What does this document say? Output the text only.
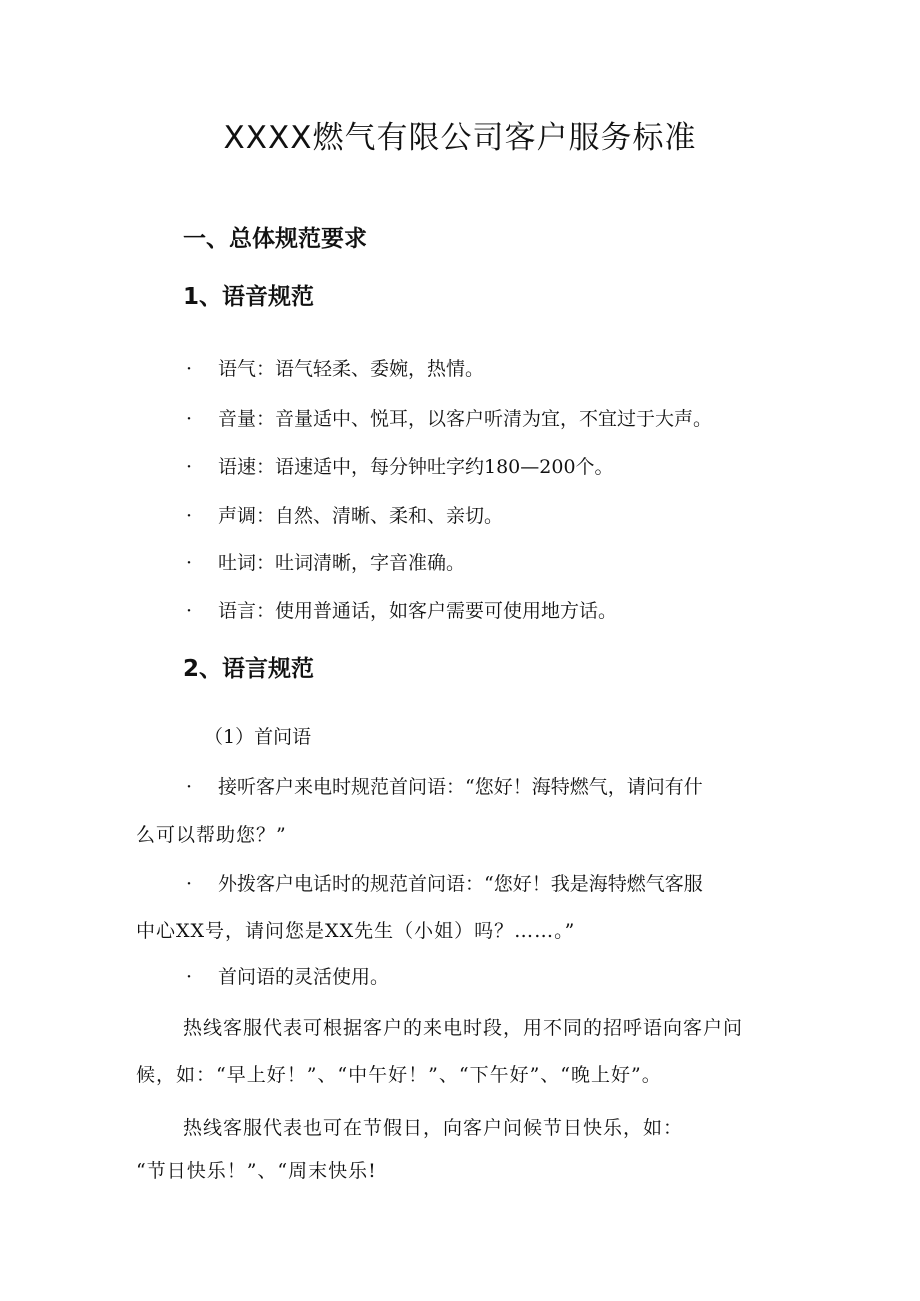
XXXX燃气有限公司客户服务标准
一、总体规范要求
1、语音规范
· 语气：语气轻柔、委婉，热情。
· 音量：音量适中、悦耳，以客户听清为宜，不宜过于大声。
· 语速：语速适中，每分钟吐字约180—200个。
· 声调：自然、清晰、柔和、亲切。
· 吐词：吐词清晰，字音准确。
· 语言：使用普通话，如客户需要可使用地方话。
2、语言规范
（1）首问语
· 接听客户来电时规范首问语：“您好！海特燃气，请问有什
么可以帮助您？”
· 外拨客户电话时的规范首问语：“您好！我是海特燃气客服
中心XX号，请问您是XX先生（小姐）吗？……。”
· 首问语的灵活使用。
热线客服代表可根据客户的来电时段，用不同的招呼语向客户问
候，如：“早上好！”、“中午好！”、“下午好”、“晚上好”。
热线客服代表也可在节假日，向客户问候节日快乐，如：
“节日快乐！”、“周末快乐!
